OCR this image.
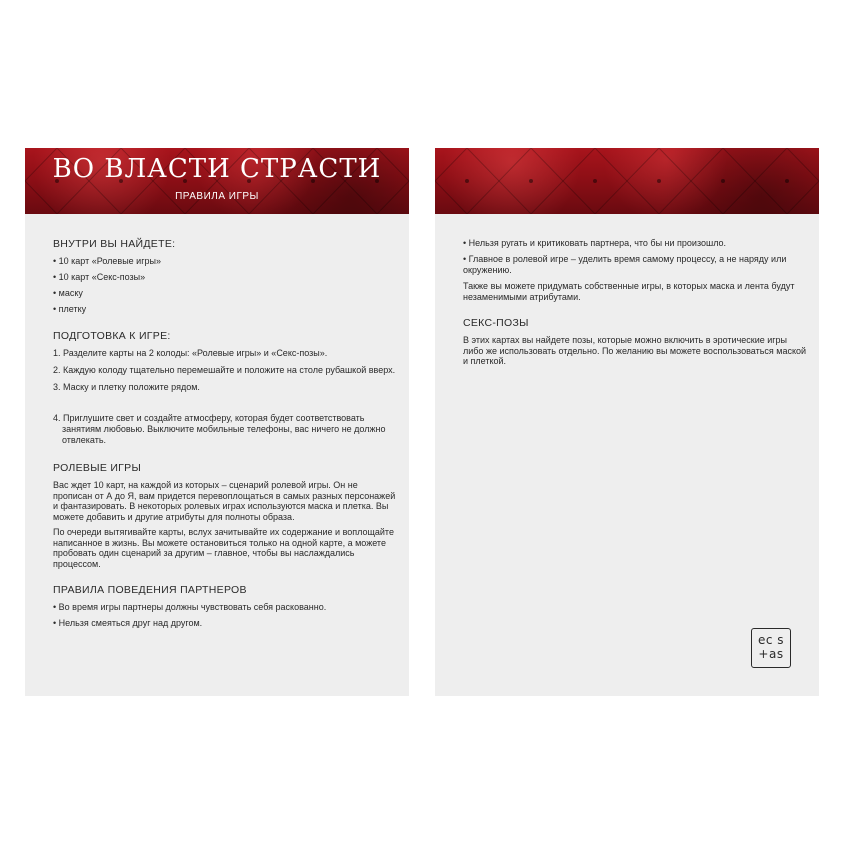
ВО ВЛАСТИ СТРАСТИ
ПРАВИЛА ИГРЫ
ВНУТРИ ВЫ НАЙДЕТЕ:
• 10 карт «Ролевые игры»
• 10 карт «Секс-позы»
• маску
• плетку
ПОДГОТОВКА К ИГРЕ:
1. Разделите карты на 2 колоды: «Ролевые игры» и «Секс-позы».
2. Каждую колоду тщательно перемешайте и положите на столе рубашкой вверх.
3. Маску и плетку положите рядом.
4. Приглушите свет и создайте атмосферу, которая будет соответствовать занятиям любовью. Выключите мобильные телефоны, вас ничего не должно отвлекать.
РОЛЕВЫЕ ИГРЫ
Вас ждет 10 карт, на каждой из которых – сценарий ролевой игры. Он не прописан от А до Я, вам придется перевоплощаться в самых разных персонажей и фантазировать. В некоторых ролевых играх используются маска и плетка. Вы можете добавить и другие атрибуты для полноты образа.
По очереди вытягивайте карты, вслух зачитывайте их содержание и воплощайте написанное в жизнь. Вы можете остановиться только на одной карте, а можете пробовать один сценарий за другим – главное, чтобы вы наслаждались процессом.
ПРАВИЛА ПОВЕДЕНИЯ ПАРТНЕРОВ
• Во время игры партнеры должны чувствовать себя раскованно.
• Нельзя смеяться друг над другом.
• Нельзя ругать и критиковать партнера, что бы ни произошло.
• Главное в ролевой игре – уделить время самому процессу, а не наряду или окружению.
Также вы можете придумать собственные игры, в которых маска и лента будут незаменимыми атрибутами.
СЕКС-ПОЗЫ
В этих картах вы найдете позы, которые можно включить в эротические игры либо же использовать отдельно. По желанию вы можете воспользоваться маской и плеткой.
ec s
+as
